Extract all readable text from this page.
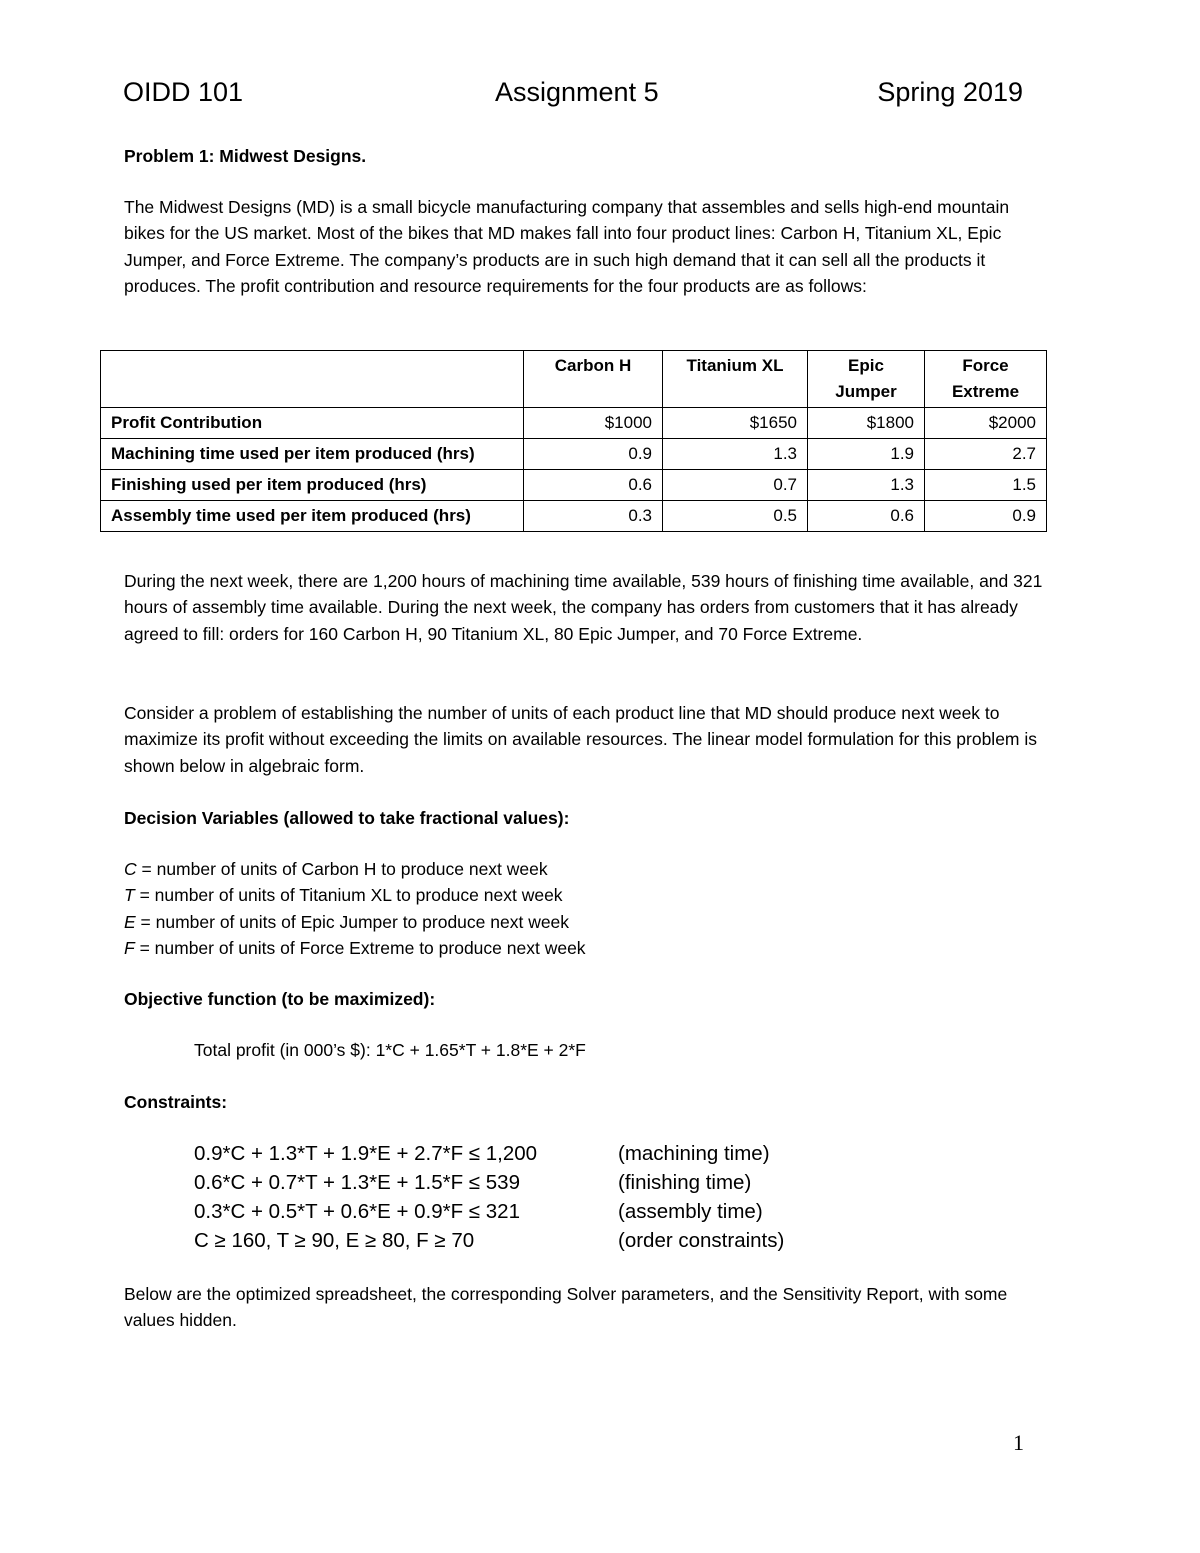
OIDD 101	Assignment 5	Spring 2019
Problem 1: Midwest Designs.
The Midwest Designs (MD) is a small bicycle manufacturing company that assembles and sells high-end mountain bikes for the US market. Most of the bikes that MD makes fall into four product lines: Carbon H, Titanium XL, Epic Jumper, and Force Extreme. The company’s products are in such high demand that it can sell all the products it produces. The profit contribution and resource requirements for the four products are as follows:
	Carbon H	Titanium XL	Epic Jumper	Force Extreme
Profit Contribution	$1000	$1650	$1800	$2000
Machining time used per item produced (hrs)	0.9	1.3	1.9	2.7
Finishing used per item produced (hrs)	0.6	0.7	1.3	1.5
Assembly time used per item produced (hrs)	0.3	0.5	0.6	0.9
During the next week, there are 1,200 hours of machining time available, 539 hours of finishing time available, and 321 hours of assembly time available. During the next week, the company has orders from customers that it has already agreed to fill: orders for 160 Carbon H, 90 Titanium XL, 80 Epic Jumper, and 70 Force Extreme.
Consider a problem of establishing the number of units of each product line that MD should produce next week to maximize its profit without exceeding the limits on available resources. The linear model formulation for this problem is shown below in algebraic form.
Decision Variables (allowed to take fractional values):
C = number of units of Carbon H to produce next week
T = number of units of Titanium XL to produce next week
E = number of units of Epic Jumper to produce next week
F = number of units of Force Extreme to produce next week
Objective function (to be maximized):
Total profit (in 000’s $): 1*C + 1.65*T + 1.8*E + 2*F
Constraints:
0.9*C + 1.3*T + 1.9*E + 2.7*F ≤ 1,200	(machining time)
0.6*C + 0.7*T + 1.3*E + 1.5*F ≤ 539	(finishing time)
0.3*C + 0.5*T + 0.6*E + 0.9*F ≤ 321	(assembly time)
C ≥ 160, T ≥ 90, E ≥ 80, F ≥ 70	(order constraints)
Below are the optimized spreadsheet, the corresponding Solver parameters, and the Sensitivity Report, with some values hidden.
1
